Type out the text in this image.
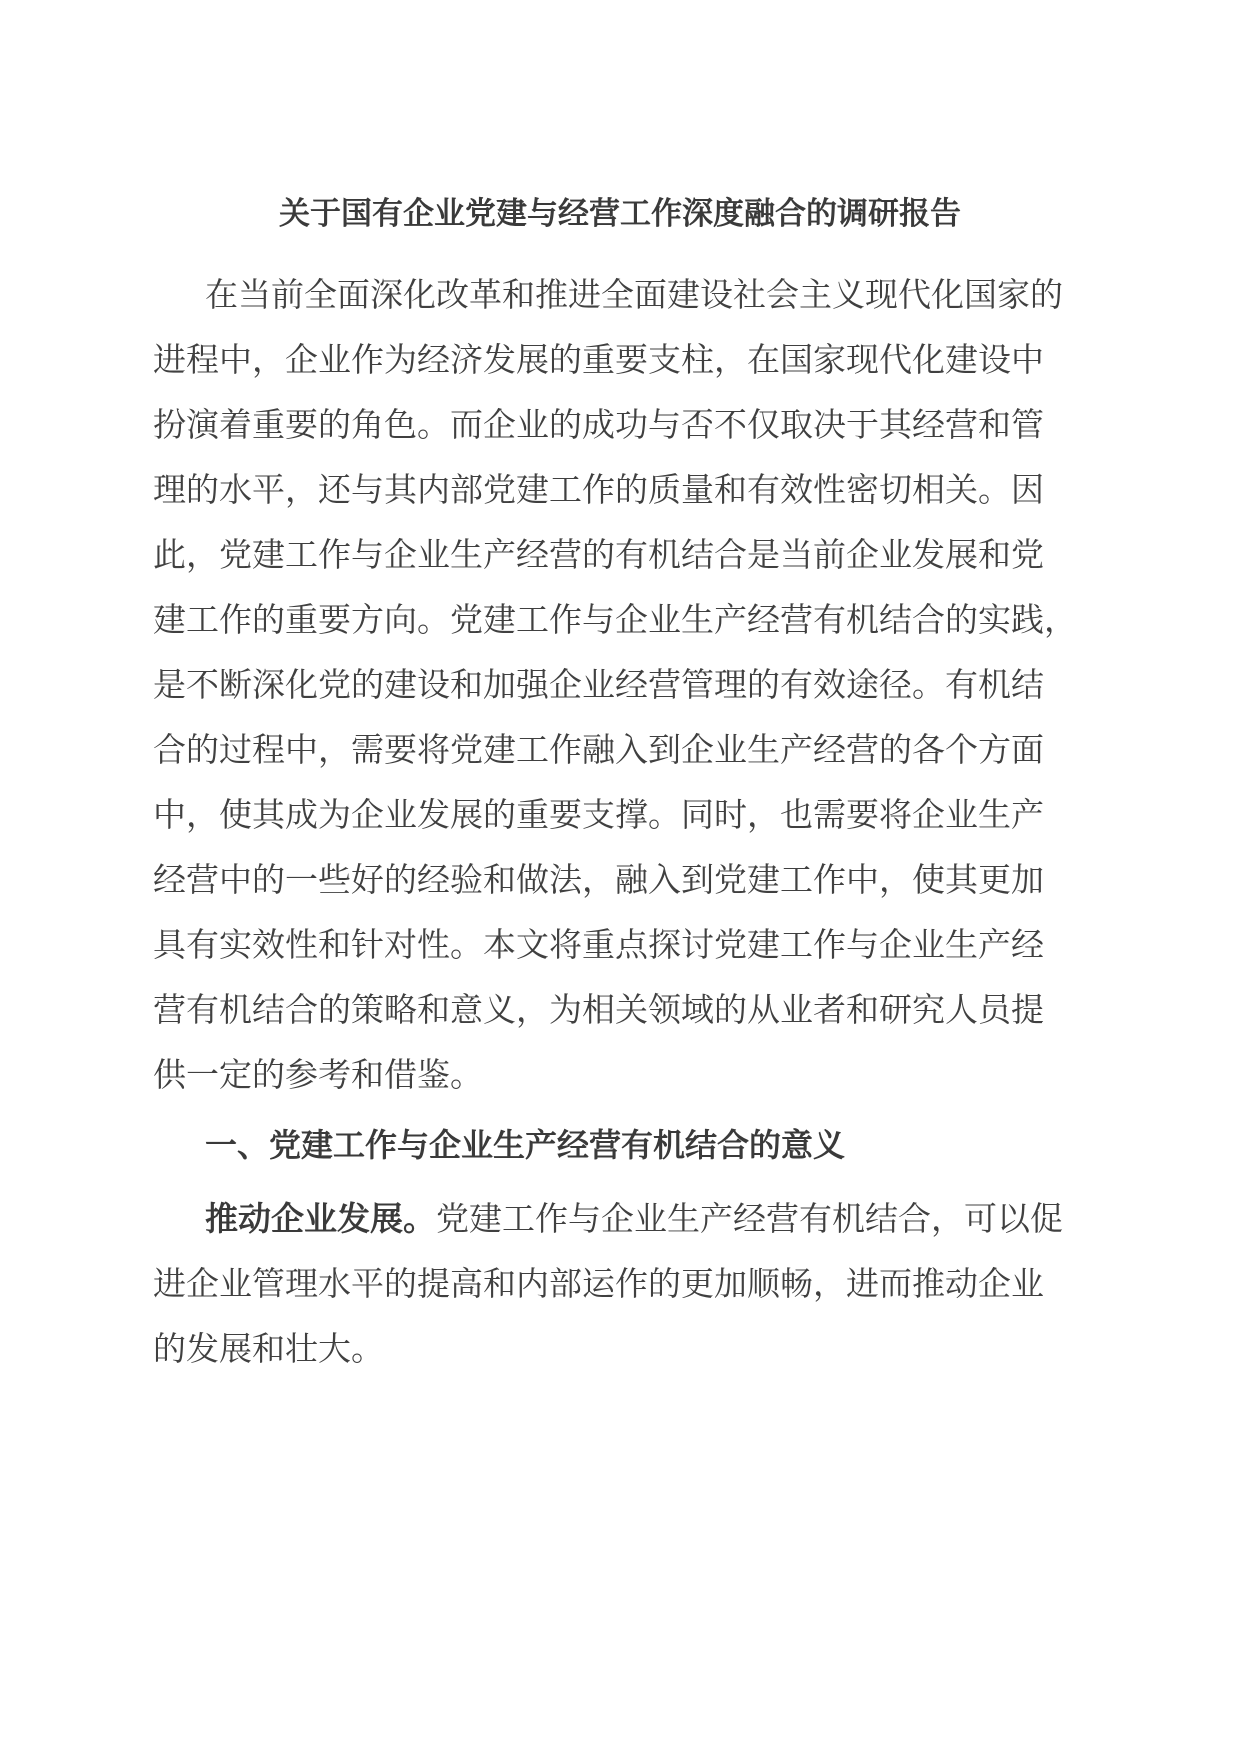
关于国有企业党建与经营工作深度融合的调研报告
在当前全面深化改革和推进全面建设社会主义现代化国家的
进程中，企业作为经济发展的重要支柱，在国家现代化建设中
扮演着重要的角色。而企业的成功与否不仅取决于其经营和管
理的水平，还与其内部党建工作的质量和有效性密切相关。因
此，党建工作与企业生产经营的有机结合是当前企业发展和党
建工作的重要方向。党建工作与企业生产经营有机结合的实践，
是不断深化党的建设和加强企业经营管理的有效途径。有机结
合的过程中，需要将党建工作融入到企业生产经营的各个方面
中，使其成为企业发展的重要支撑。同时，也需要将企业生产
经营中的一些好的经验和做法，融入到党建工作中，使其更加
具有实效性和针对性。本文将重点探讨党建工作与企业生产经
营有机结合的策略和意义，为相关领域的从业者和研究人员提
供一定的参考和借鉴。
一、党建工作与企业生产经营有机结合的意义
推动企业发展。党建工作与企业生产经营有机结合，可以促
进企业管理水平的提高和内部运作的更加顺畅，进而推动企业
的发展和壮大。
